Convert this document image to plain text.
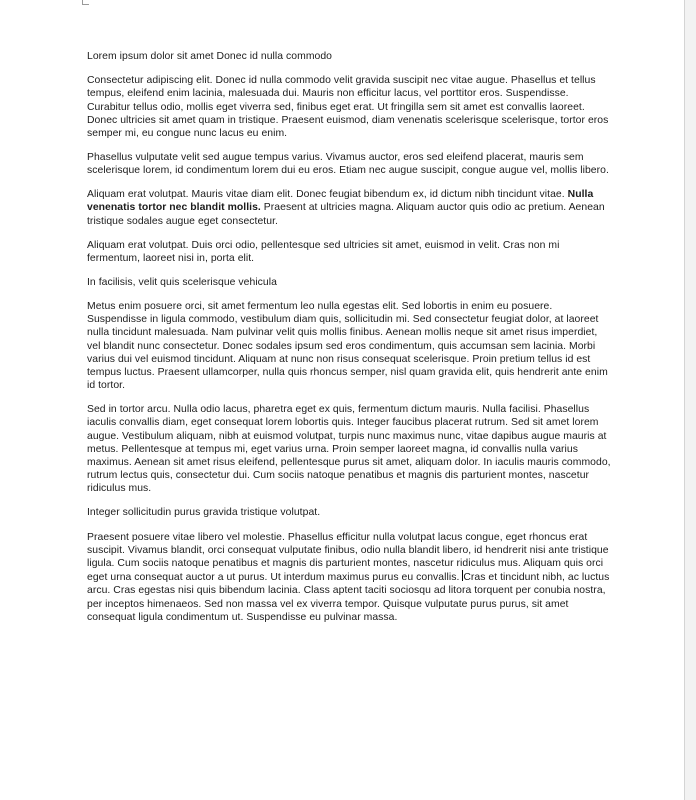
Lorem ipsum dolor sit amet Donec id nulla commodo

Consectetur adipiscing elit. Donec id nulla commodo velit gravida suscipit nec vitae augue. Phasellus et tellus tempus, eleifend enim lacinia, malesuada dui. Mauris non efficitur lacus, vel porttitor eros. Suspendisse. Curabitur tellus odio, mollis eget viverra sed, finibus eget erat. Ut fringilla sem sit amet est convallis laoreet. Donec ultricies sit amet quam in tristique. Praesent euismod, diam venenatis scelerisque scelerisque, tortor eros semper mi, eu congue nunc lacus eu enim.

Phasellus vulputate velit sed augue tempus varius. Vivamus auctor, eros sed eleifend placerat, mauris sem scelerisque lorem, id condimentum lorem dui eu eros. Etiam nec augue suscipit, congue augue vel, mollis libero.

Aliquam erat volutpat. Mauris vitae diam elit. Donec feugiat bibendum ex, id dictum nibh tincidunt vitae. Nulla venenatis tortor nec blandit mollis. Praesent at ultricies magna. Aliquam auctor quis odio ac pretium. Aenean tristique sodales augue eget consectetur.

Aliquam erat volutpat. Duis orci odio, pellentesque sed ultricies sit amet, euismod in velit. Cras non mi fermentum, laoreet nisi in, porta elit.

In facilisis, velit quis scelerisque vehicula

Metus enim posuere orci, sit amet fermentum leo nulla egestas elit. Sed lobortis in enim eu posuere. Suspendisse in ligula commodo, vestibulum diam quis, sollicitudin mi. Sed consectetur feugiat dolor, at laoreet nulla tincidunt malesuada. Nam pulvinar velit quis mollis finibus. Aenean mollis neque sit amet risus imperdiet, vel blandit nunc consectetur. Donec sodales ipsum sed eros condimentum, quis accumsan sem lacinia. Morbi varius dui vel euismod tincidunt. Aliquam at nunc non risus consequat scelerisque. Proin pretium tellus id est tempus luctus. Praesent ullamcorper, nulla quis rhoncus semper, nisl quam gravida elit, quis hendrerit ante enim id tortor.

Sed in tortor arcu. Nulla odio lacus, pharetra eget ex quis, fermentum dictum mauris. Nulla facilisi. Phasellus iaculis convallis diam, eget consequat lorem lobortis quis. Integer faucibus placerat rutrum. Sed sit amet lorem augue. Vestibulum aliquam, nibh at euismod volutpat, turpis nunc maximus nunc, vitae dapibus augue mauris at metus. Pellentesque at tempus mi, eget varius urna. Proin semper laoreet magna, id convallis nulla varius maximus. Aenean sit amet risus eleifend, pellentesque purus sit amet, aliquam dolor. In iaculis mauris commodo, rutrum lectus quis, consectetur dui. Cum sociis natoque penatibus et magnis dis parturient montes, nascetur ridiculus mus.

Integer sollicitudin purus gravida tristique volutpat.

Praesent posuere vitae libero vel molestie. Phasellus efficitur nulla volutpat lacus congue, eget rhoncus erat suscipit. Vivamus blandit, orci consequat vulputate finibus, odio nulla blandit libero, id hendrerit nisi ante tristique ligula. Cum sociis natoque penatibus et magnis dis parturient montes, nascetur ridiculus mus. Aliquam quis orci eget urna consequat auctor a ut purus. Ut interdum maximus purus eu convallis. Cras et tincidunt nibh, ac luctus arcu. Cras egestas nisi quis bibendum lacinia. Class aptent taciti sociosqu ad litora torquent per conubia nostra, per inceptos himenaeos. Sed non massa vel ex viverra tempor. Quisque vulputate purus purus, sit amet consequat ligula condimentum ut. Suspendisse eu pulvinar massa.
